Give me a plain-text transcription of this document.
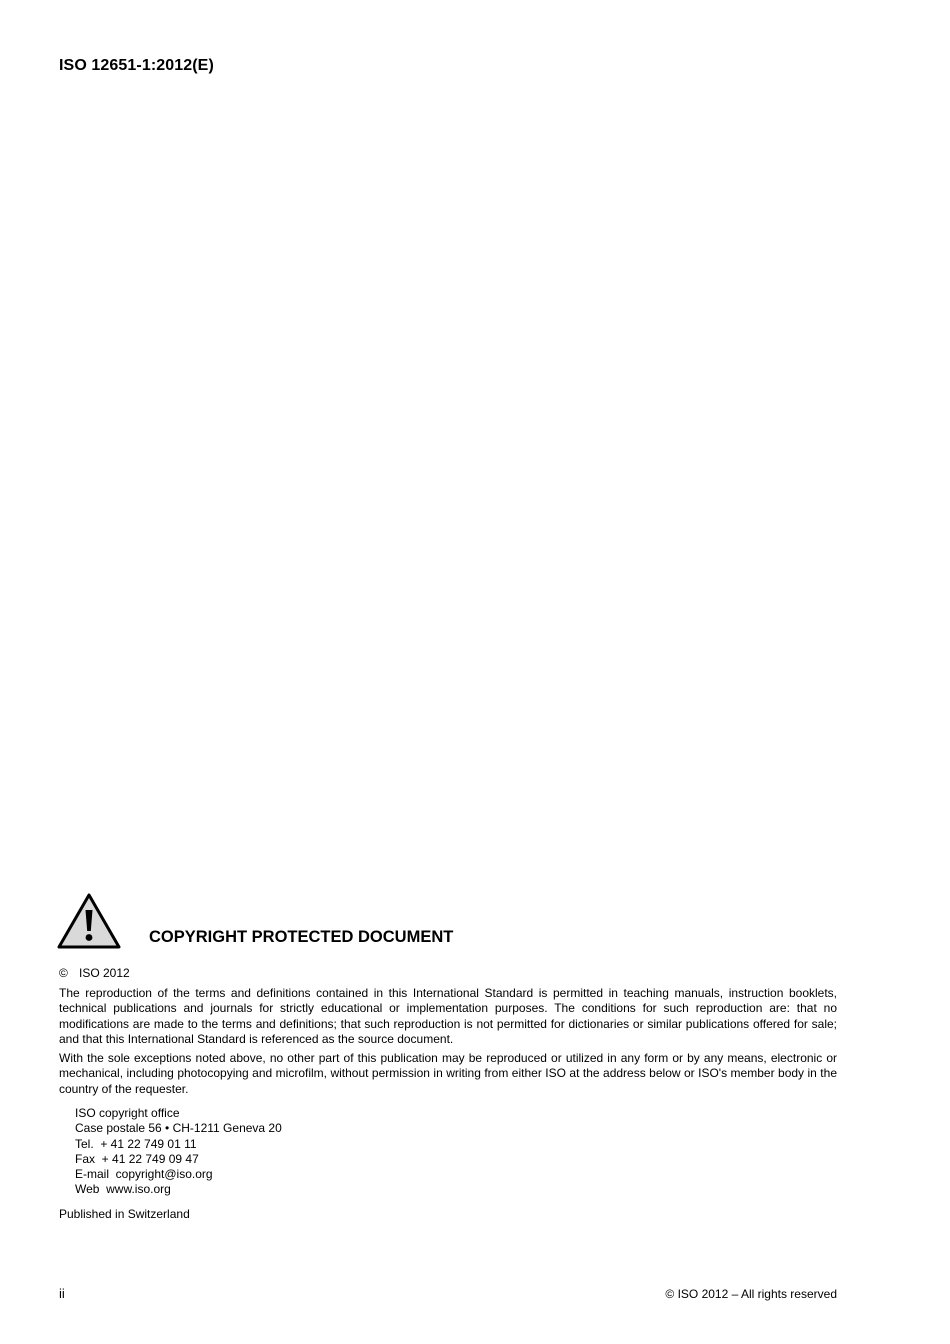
ISO 12651-1:2012(E)
COPYRIGHT PROTECTED DOCUMENT
© ISO 2012
The reproduction of the terms and definitions contained in this International Standard is permitted in teaching manuals, instruction booklets, technical publications and journals for strictly educational or implementation purposes. The conditions for such reproduction are: that no modifications are made to the terms and definitions; that such reproduction is not permitted for dictionaries or similar publications offered for sale; and that this International Standard is referenced as the source document.
With the sole exceptions noted above, no other part of this publication may be reproduced or utilized in any form or by any means, electronic or mechanical, including photocopying and microfilm, without permission in writing from either ISO at the address below or ISO's member body in the country of the requester.
ISO copyright office
Case postale 56 • CH-1211 Geneva 20
Tel.  + 41 22 749 01 11
Fax  + 41 22 749 09 47
E-mail  copyright@iso.org
Web  www.iso.org
Published in Switzerland
ii	© ISO 2012 – All rights reserved
